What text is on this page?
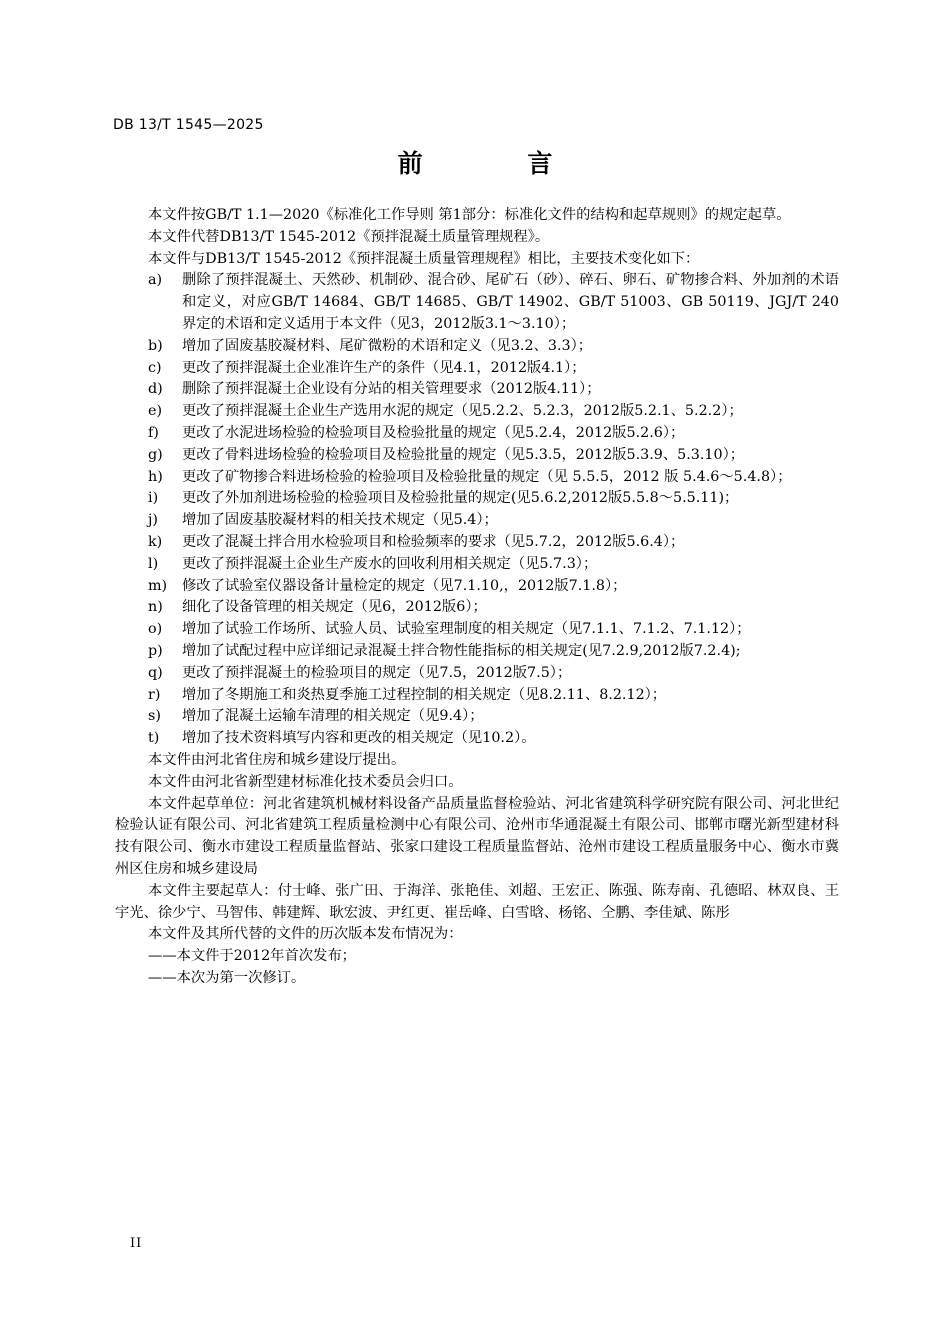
DB 13/T 1545—2025
前 言

本文件按GB/T 1.1—2020《标准化工作导则 第1部分：标准化文件的结构和起草规则》的规定起草。

本文件代替DB13/T 1545-2012《预拌混凝土质量管理规程》。

本文件与DB13/T 1545-2012《预拌混凝土质量管理规程》相比，主要技术变化如下：

a) 删除了预拌混凝土、天然砂、机制砂、混合砂、尾矿石（砂）、碎石、卵石、矿物掺合料、外加剂的术语和定义，对应GB/T 14684、GB/T 14685、GB/T 14902、GB/T 51003、GB 50119、JGJ/T 240界定的术语和定义适用于本文件（见3，2012版3.1～3.10）；
b) 增加了固废基胶凝材料、尾矿微粉的术语和定义（见3.2、3.3）；
c) 更改了预拌混凝土企业准许生产的条件（见4.1，2012版4.1）；
d) 删除了预拌混凝土企业设有分站的相关管理要求（2012版4.11）；
e) 更改了预拌混凝土企业生产选用水泥的规定（见5.2.2、5.2.3，2012版5.2.1、5.2.2）；
f) 更改了水泥进场检验的检验项目及检验批量的规定（见5.2.4，2012版5.2.6）；
g) 更改了骨料进场检验的检验项目及检验批量的规定（见5.3.5，2012版5.3.9、5.3.10）；
h) 更改了矿物掺合料进场检验的检验项目及检验批量的规定（见 5.5.5，2012 版 5.4.6～5.4.8）；
i) 更改了外加剂进场检验的检验项目及检验批量的规定(见5.6.2,2012版5.5.8～5.5.11)；
j) 增加了固废基胶凝材料的相关技术规定（见5.4）；
k) 更改了混凝土拌合用水检验项目和检验频率的要求（见5.7.2，2012版5.6.4）；
l) 更改了预拌混凝土企业生产废水的回收利用相关规定（见5.7.3）；
m) 修改了试验室仪器设备计量检定的规定（见7.1.10,，2012版7.1.8）；
n) 细化了设备管理的相关规定（见6，2012版6）；
o) 增加了试验工作场所、试验人员、试验室理制度的相关规定（见7.1.1、7.1.2、7.1.12）；
p) 增加了试配过程中应详细记录混凝土拌合物性能指标的相关规定(见7.2.9,2012版7.2.4);
q) 更改了预拌混凝土的检验项目的规定（见7.5，2012版7.5）；
r) 增加了冬期施工和炎热夏季施工过程控制的相关规定（见8.2.11、8.2.12）；
s) 增加了混凝土运输车清理的相关规定（见9.4）；
t) 增加了技术资料填写内容和更改的相关规定（见10.2）。

本文件由河北省住房和城乡建设厅提出。

本文件由河北省新型建材标准化技术委员会归口。

本文件起草单位：河北省建筑机械材料设备产品质量监督检验站、河北省建筑科学研究院有限公司、河北世纪检验认证有限公司、河北省建筑工程质量检测中心有限公司、沧州市华通混凝土有限公司、邯郸市曙光新型建材科技有限公司、衡水市建设工程质量监督站、张家口建设工程质量监督站、沧州市建设工程质量服务中心、衡水市冀州区住房和城乡建设局

本文件主要起草人：付士峰、张广田、于海洋、张艳佳、刘超、王宏正、陈强、陈寿南、孔德昭、林双良、王宇光、徐少宁、马智伟、韩建辉、耿宏波、尹红更、崔岳峰、白雪晗、杨铭、仝鹏、李佳斌、陈彤

本文件及其所代替的文件的历次版本发布情况为：

——本文件于2012年首次发布；

——本次为第一次修订。

II
